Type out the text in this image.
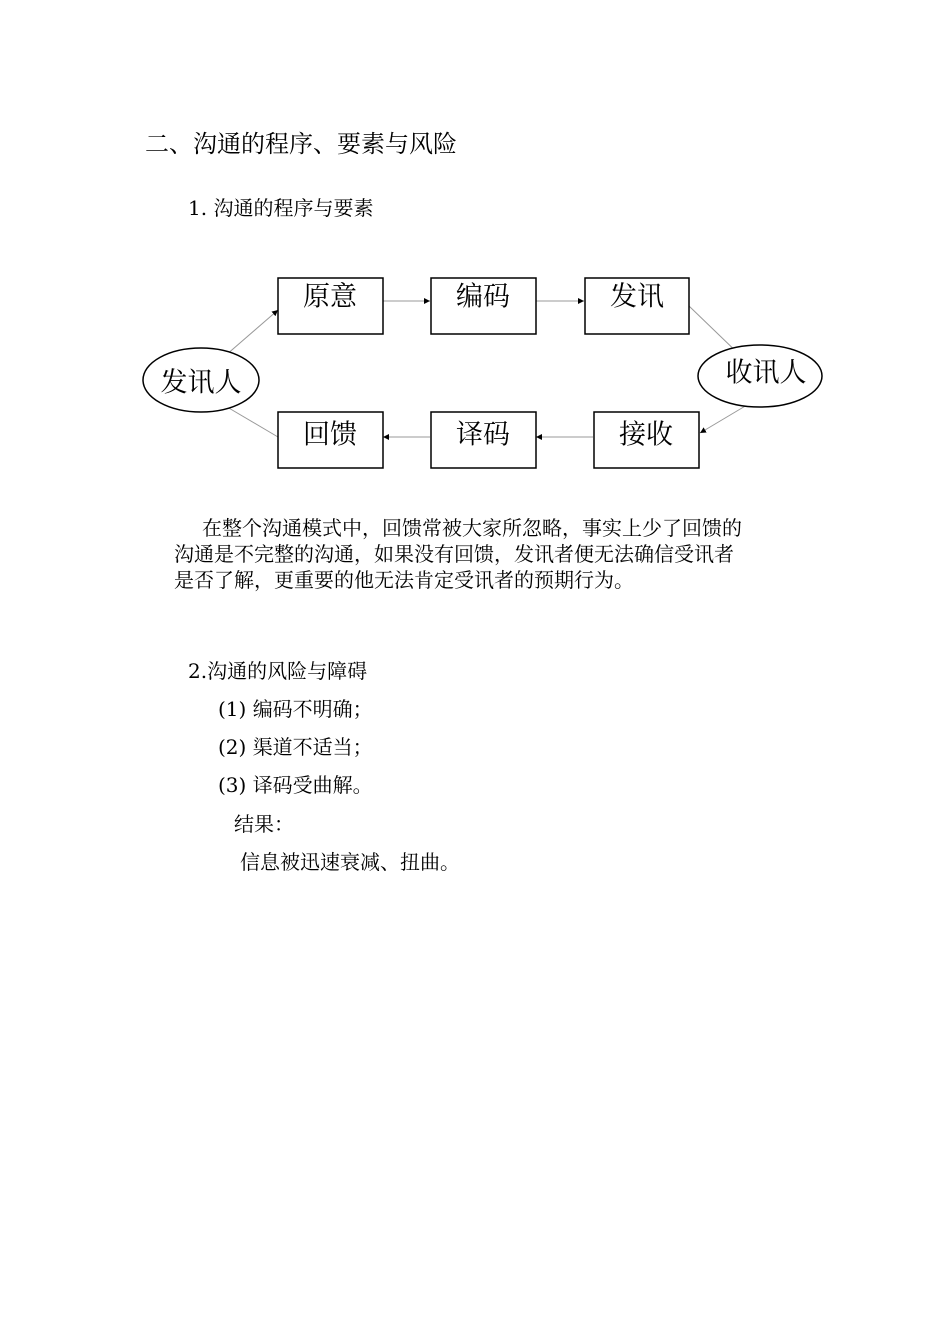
二、沟通的程序、要素与风险
1. 沟通的程序与要素
发讯人	收讯人
原意	编码	发讯
回馈	译码	接收

在整个沟通模式中，回馈常被大家所忽略，事实上少了回馈的

沟通是不完整的沟通，如果没有回馈，发讯者便无法确信受讯者

是否了解，更重要的他无法肯定受讯者的预期行为。

2.沟通的风险与障碍
(1) 编码不明确；
(2) 渠道不适当；
(3) 译码受曲解。
结果：
信息被迅速衰减、扭曲。
